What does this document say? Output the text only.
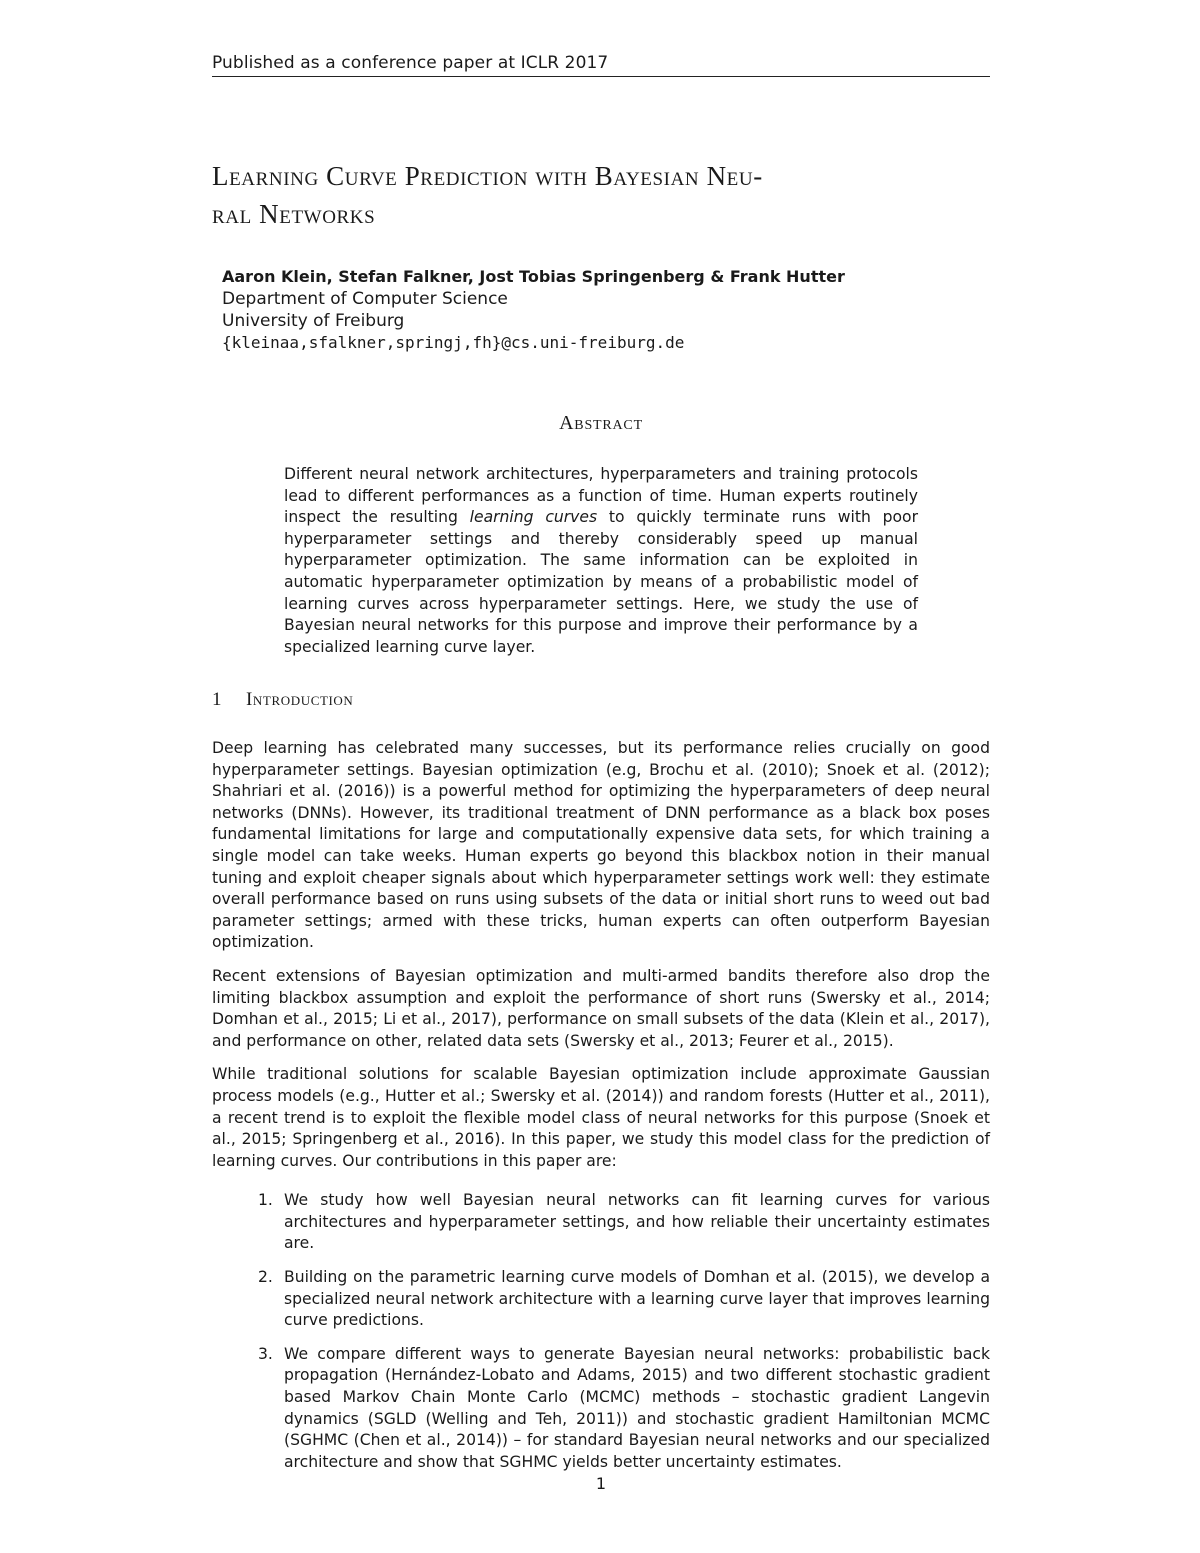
Published as a conference paper at ICLR 2017
Learning Curve Prediction with Bayesian Neu-
ral Networks
Aaron Klein, Stefan Falkner, Jost Tobias Springenberg & Frank Hutter
Department of Computer Science
University of Freiburg
{kleinaa,sfalkner,springj,fh}@cs.uni-freiburg.de
Abstract
Different neural network architectures, hyperparameters and training protocols lead to different performances as a function of time. Human experts routinely inspect the resulting learning curves to quickly terminate runs with poor hyperparameter settings and thereby considerably speed up manual hyperparameter optimization. The same information can be exploited in automatic hyperparameter optimization by means of a probabilistic model of learning curves across hyperparameter settings. Here, we study the use of Bayesian neural networks for this purpose and improve their performance by a specialized learning curve layer.
1 Introduction

Deep learning has celebrated many successes, but its performance relies crucially on good hyperparameter settings. Bayesian optimization (e.g, Brochu et al. (2010); Snoek et al. (2012); Shahriari et al. (2016)) is a powerful method for optimizing the hyperparameters of deep neural networks (DNNs). However, its traditional treatment of DNN performance as a black box poses fundamental limitations for large and computationally expensive data sets, for which training a single model can take weeks. Human experts go beyond this blackbox notion in their manual tuning and exploit cheaper signals about which hyperparameter settings work well: they estimate overall performance based on runs using subsets of the data or initial short runs to weed out bad parameter settings; armed with these tricks, human experts can often outperform Bayesian optimization.

Recent extensions of Bayesian optimization and multi-armed bandits therefore also drop the limiting blackbox assumption and exploit the performance of short runs (Swersky et al., 2014; Domhan et al., 2015; Li et al., 2017), performance on small subsets of the data (Klein et al., 2017), and performance on other, related data sets (Swersky et al., 2013; Feurer et al., 2015).

While traditional solutions for scalable Bayesian optimization include approximate Gaussian process models (e.g., Hutter et al.; Swersky et al. (2014)) and random forests (Hutter et al., 2011), a recent trend is to exploit the flexible model class of neural networks for this purpose (Snoek et al., 2015; Springenberg et al., 2016). In this paper, we study this model class for the prediction of learning curves. Our contributions in this paper are:

1. We study how well Bayesian neural networks can fit learning curves for various architectures and hyperparameter settings, and how reliable their uncertainty estimates are.
2. Building on the parametric learning curve models of Domhan et al. (2015), we develop a specialized neural network architecture with a learning curve layer that improves learning curve predictions.
3. We compare different ways to generate Bayesian neural networks: probabilistic back propagation (Hernández-Lobato and Adams, 2015) and two different stochastic gradient based Markov Chain Monte Carlo (MCMC) methods – stochastic gradient Langevin dynamics (SGLD (Welling and Teh, 2011)) and stochastic gradient Hamiltonian MCMC (SGHMC (Chen et al., 2014)) – for standard Bayesian neural networks and our specialized architecture and show that SGHMC yields better uncertainty estimates.
1
